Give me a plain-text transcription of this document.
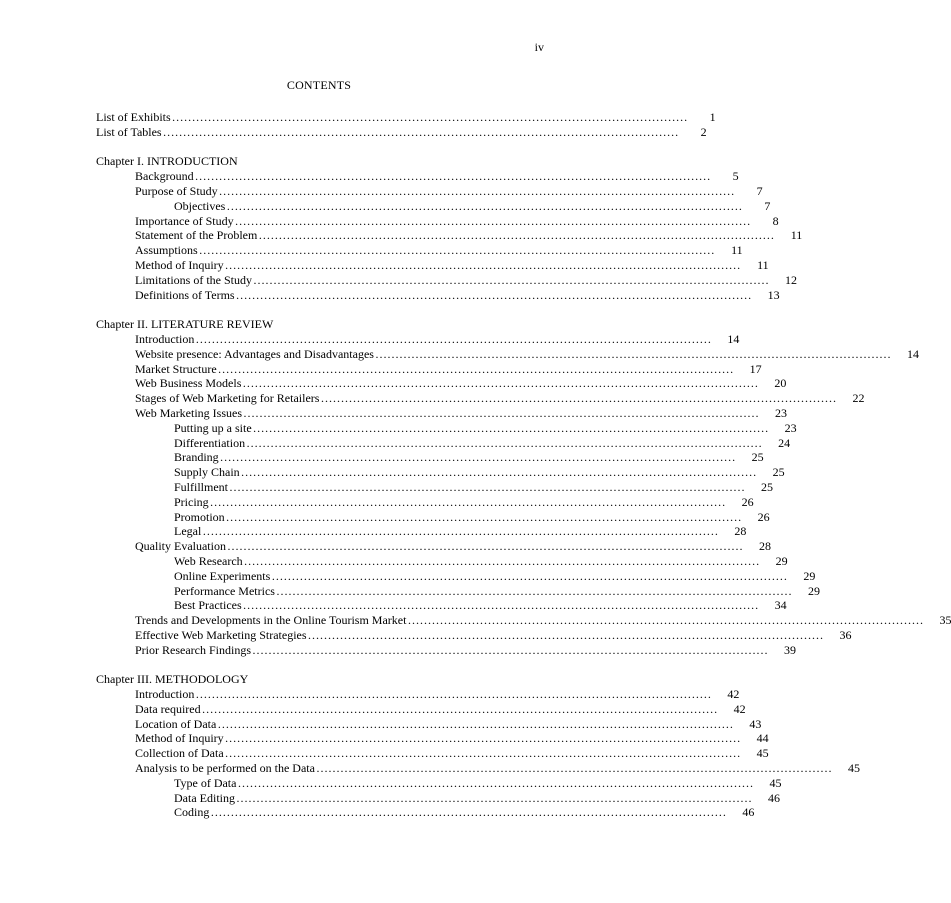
iv
CONTENTS
List of Exhibits …………………………………………………………………………………………………………………	1
List of Tables …………………………………………………………………………………………………………………	2
Chapter I. INTRODUCTION
Background …………………………………………………………………………………………………………………	5
Purpose of Study …………………………………………………………………………………………………………………	7
Objectives …………………………………………………………………………………………………………………	7
Importance of Study …………………………………………………………………………………………………………………	8
Statement of the Problem …………………………………………………………………………………………………………………	11
Assumptions …………………………………………………………………………………………………………………	11
Method of Inquiry …………………………………………………………………………………………………………………	11
Limitations of the Study …………………………………………………………………………………………………………………	12
Definitions of Terms …………………………………………………………………………………………………………………	13
Chapter II. LITERATURE REVIEW
Introduction …………………………………………………………………………………………………………………	14
Website presence: Advantages and Disadvantages …………………………………………………………………………………………………………………	14
Market Structure …………………………………………………………………………………………………………………	17
Web Business Models …………………………………………………………………………………………………………………	20
Stages of Web Marketing for Retailers …………………………………………………………………………………………………………………	22
Web Marketing Issues …………………………………………………………………………………………………………………	23
Putting up a site …………………………………………………………………………………………………………………	23
Differentiation …………………………………………………………………………………………………………………	24
Branding …………………………………………………………………………………………………………………	25
Supply Chain …………………………………………………………………………………………………………………	25
Fulfillment …………………………………………………………………………………………………………………	25
Pricing …………………………………………………………………………………………………………………	26
Promotion …………………………………………………………………………………………………………………	26
Legal …………………………………………………………………………………………………………………	28
Quality Evaluation …………………………………………………………………………………………………………………	28
Web Research …………………………………………………………………………………………………………………	29
Online Experiments …………………………………………………………………………………………………………………	29
Performance Metrics …………………………………………………………………………………………………………………	29
Best Practices …………………………………………………………………………………………………………………	34
Trends and Developments in the Online Tourism Market …………………………………………………………………………………………………………………	35
Effective Web Marketing Strategies …………………………………………………………………………………………………………………	36
Prior Research Findings …………………………………………………………………………………………………………………	39
Chapter III. METHODOLOGY
Introduction …………………………………………………………………………………………………………………	42
Data required …………………………………………………………………………………………………………………	42
Location of Data …………………………………………………………………………………………………………………	43
Method of Inquiry …………………………………………………………………………………………………………………	44
Collection of Data …………………………………………………………………………………………………………………	45
Analysis to be performed on the Data …………………………………………………………………………………………………………………	45
Type of Data …………………………………………………………………………………………………………………	45
Data Editing …………………………………………………………………………………………………………………	46
Coding …………………………………………………………………………………………………………………	46
